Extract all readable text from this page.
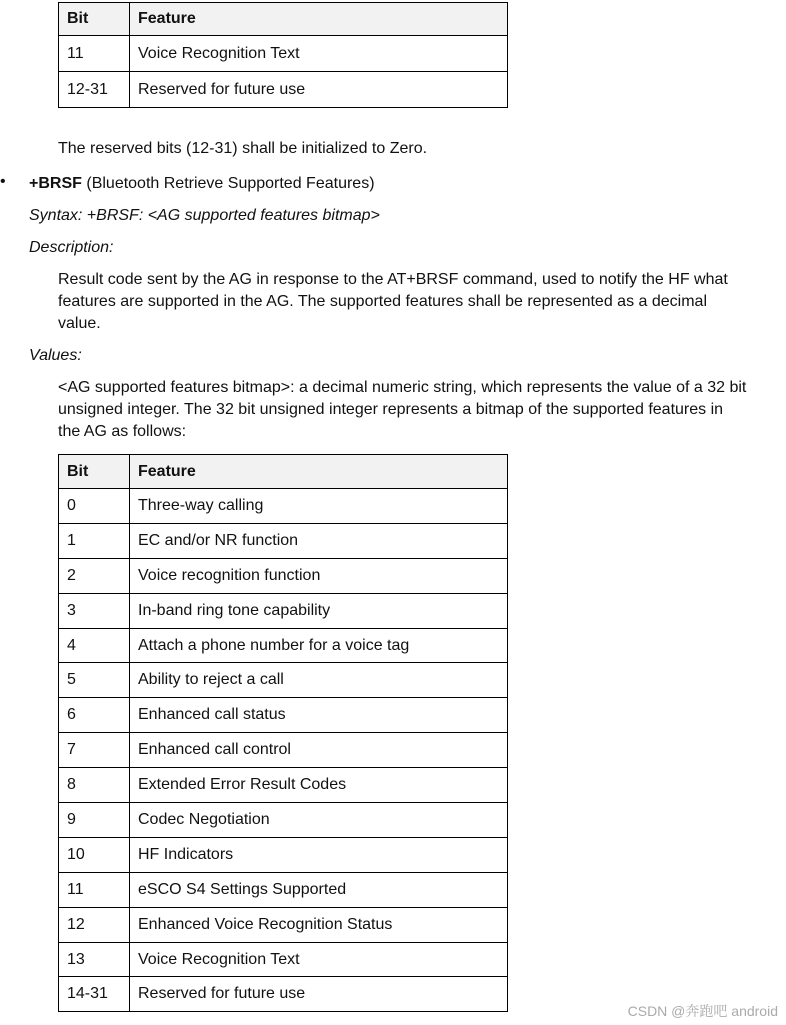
Bit	Feature
11	Voice Recognition Text
12-31	Reserved for future use
The reserved bits (12-31) shall be initialized to Zero.
• +BRSF (Bluetooth Retrieve Supported Features)
Syntax: +BRSF: <AG supported features bitmap>
Description:
Result code sent by the AG in response to the AT+BRSF command, used to notify the HF what
features are supported in the AG. The supported features shall be represented as a decimal
value.
Values:
<AG supported features bitmap>: a decimal numeric string, which represents the value of a 32 bit
unsigned integer. The 32 bit unsigned integer represents a bitmap of the supported features in
the AG as follows:
Bit	Feature
0	Three-way calling
1	EC and/or NR function
2	Voice recognition function
3	In-band ring tone capability
4	Attach a phone number for a voice tag
5	Ability to reject a call
6	Enhanced call status
7	Enhanced call control
8	Extended Error Result Codes
9	Codec Negotiation
10	HF Indicators
11	eSCO S4 Settings Supported
12	Enhanced Voice Recognition Status
13	Voice Recognition Text
14-31	Reserved for future use
CSDN @奔跑吧 android
